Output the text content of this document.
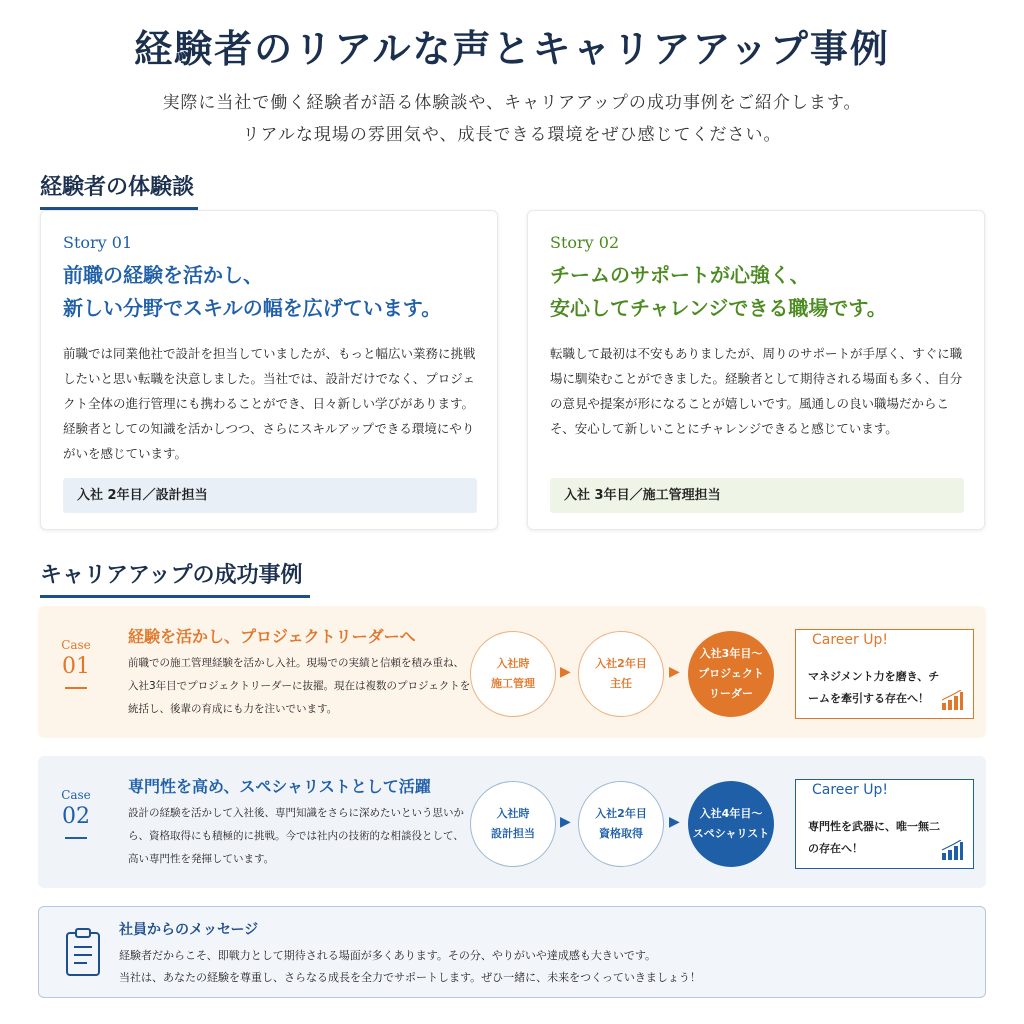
経験者のリアルな声とキャリアアップ事例
実際に当社で働く経験者が語る体験談や、キャリアアップの成功事例をご紹介します。
リアルな現場の雰囲気や、成長できる環境をぜひ感じてください。
経験者の体験談
Story 01
前職の経験を活かし、
新しい分野でスキルの幅を広げています。
前職では同業他社で設計を担当していましたが、もっと幅広い業務に挑戦したいと思い転職を決意しました。当社では、設計だけでなく、プロジェクト全体の進行管理にも携わることができ、日々新しい学びがあります。経験者としての知識を活かしつつ、さらにスキルアップできる環境にやりがいを感じています。
入社 2年目／設計担当
Story 02
チームのサポートが心強く、
安心してチャレンジできる職場です。
転職して最初は不安もありましたが、周りのサポートが手厚く、すぐに職場に馴染むことができました。経験者として期待される場面も多く、自分の意見や提案が形になることが嬉しいです。風通しの良い職場だからこそ、安心して新しいことにチャレンジできると感じています。
入社 3年目／施工管理担当
キャリアアップの成功事例
Case
01
経験を活かし、プロジェクトリーダーへ
前職での施工管理経験を活かし入社。現場での実績と信頼を積み重ね、入社3年目でプロジェクトリーダーに抜擢。現在は複数のプロジェクトを統括し、後輩の育成にも力を注いでいます。
入社時
施工管理
▶
入社2年目
主任
▶
入社3年目〜
プロジェクト
リーダー
Career Up!
マネジメント力を磨き、チームを牽引する存在へ！
Case
02
専門性を高め、スペシャリストとして活躍
設計の経験を活かして入社後、専門知識をさらに深めたいという思いから、資格取得にも積極的に挑戦。今では社内の技術的な相談役として、高い専門性を発揮しています。
入社時
設計担当
▶
入社2年目
資格取得
▶
入社4年目〜
スペシャリスト
Career Up!
専門性を武器に、唯一無二の存在へ！
社員からのメッセージ
経験者だからこそ、即戦力として期待される場面が多くあります。その分、やりがいや達成感も大きいです。
当社は、あなたの経験を尊重し、さらなる成長を全力でサポートします。ぜひ一緒に、未来をつくっていきましょう！
